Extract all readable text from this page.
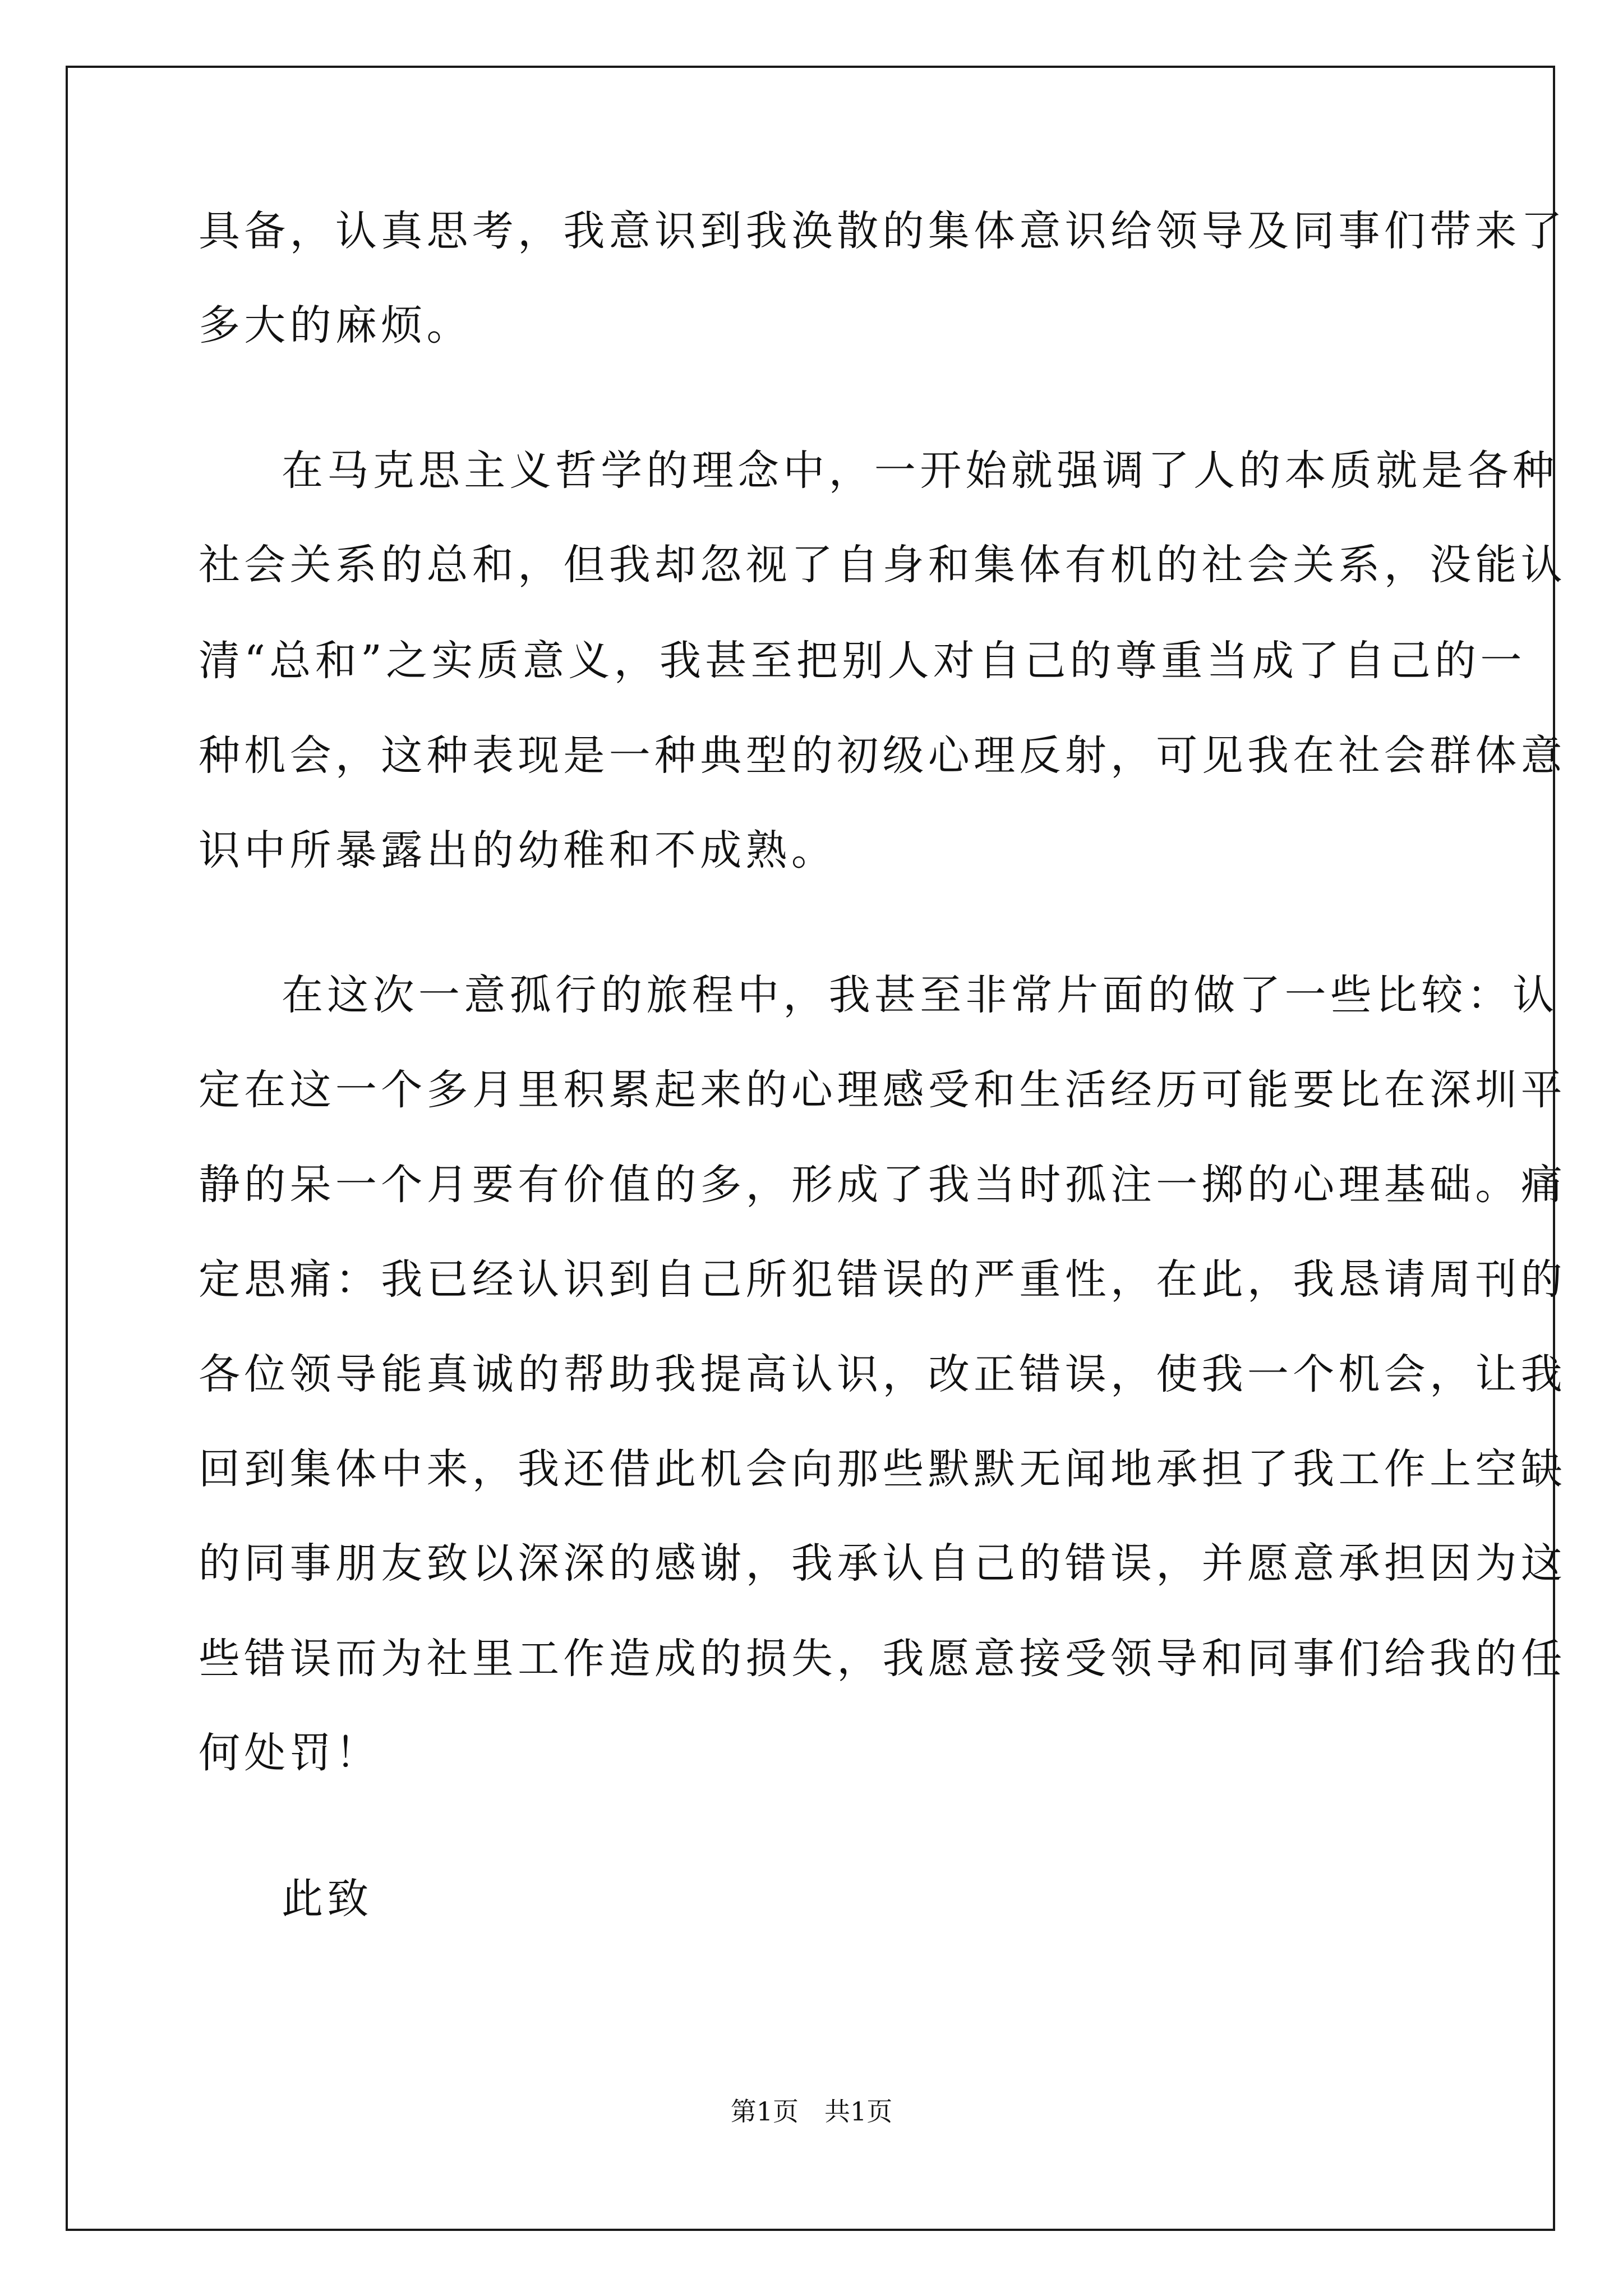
具备，认真思考，我意识到我涣散的集体意识给领导及同事们带来了
多大的麻烦。
在马克思主义哲学的理念中，一开始就强调了人的本质就是各种
社会关系的总和，但我却忽视了自身和集体有机的社会关系，没能认
清“总和”之实质意义，我甚至把别人对自己的尊重当成了自己的一
种机会，这种表现是一种典型的初级心理反射，可见我在社会群体意
识中所暴露出的幼稚和不成熟。
在这次一意孤行的旅程中，我甚至非常片面的做了一些比较：认
定在这一个多月里积累起来的心理感受和生活经历可能要比在深圳平
静的呆一个月要有价值的多，形成了我当时孤注一掷的心理基础。痛
定思痛：我已经认识到自己所犯错误的严重性，在此，我恳请周刊的
各位领导能真诚的帮助我提高认识，改正错误，使我一个机会，让我
回到集体中来，我还借此机会向那些默默无闻地承担了我工作上空缺
的同事朋友致以深深的感谢，我承认自己的错误，并愿意承担因为这
些错误而为社里工作造成的损失，我愿意接受领导和同事们给我的任
何处罚！
此致
第1页　共1页
